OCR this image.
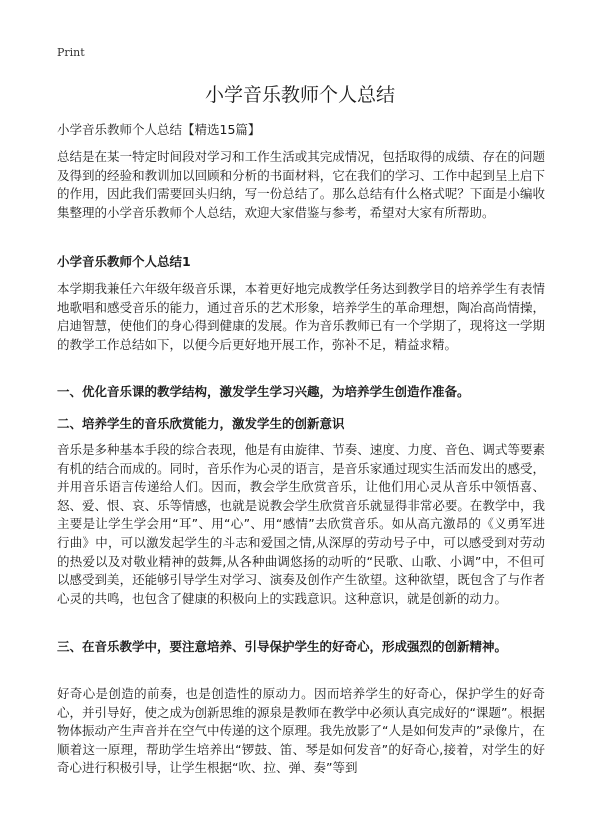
Print
小学音乐教师个人总结
小学音乐教师个人总结【精选15篇】

总结是在某一特定时间段对学习和工作生活或其完成情况，包括取得的成绩、存在的问题及得到的经验和教训加以回顾和分析的书面材料，它在我们的学习、工作中起到呈上启下的作用，因此我们需要回头归纳，写一份总结了。那么总结有什么格式呢？下面是小编收集整理的小学音乐教师个人总结，欢迎大家借鉴与参考，希望对大家有所帮助。

小学音乐教师个人总结1

本学期我兼任六年级年级音乐课，本着更好地完成教学任务达到教学目的培养学生有表情地歌唱和感受音乐的能力，通过音乐的艺术形象，培养学生的革命理想，陶冶高尚情操，启迪智慧，使他们的身心得到健康的发展。作为音乐教师已有一个学期了，现将这一学期的教学工作总结如下，以便今后更好地开展工作，弥补不足，精益求精。

一、优化音乐课的教学结构，激发学生学习兴趣，为培养学生创造作准备。
二、培养学生的音乐欣赏能力，激发学生的创新意识

音乐是多种基本手段的综合表现，他是有由旋律、节奏、速度、力度、音色、调式等要素有机的结合而成的。同时，音乐作为心灵的语言，是音乐家通过现实生活而发出的感受，并用音乐语言传递给人们。因而，教会学生欣赏音乐，让他们用心灵从音乐中领悟喜、怒、爱、恨、哀、乐等情感，也就是说教会学生欣赏音乐就显得非常必要。在教学中，我主要是让学生学会用“耳”、用“心”、用“感情”去欣赏音乐。如从高亢激昂的《义勇军进行曲》中，可以激发起学生的斗志和爱国之情,从深厚的劳动号子中，可以感受到对劳动的热爱以及对敬业精神的鼓舞,从各种曲调悠扬的动听的“民歌、山歌、小调”中，不但可以感受到美，还能够引导学生对学习、演奏及创作产生欲望。这种欲望，既包含了与作者心灵的共鸣，也包含了健康的积极向上的实践意识。这种意识，就是创新的动力。

三、在音乐教学中，要注意培养、引导保护学生的好奇心，形成强烈的创新精神。

好奇心是创造的前奏，也是创造性的原动力。因而培养学生的好奇心，保护学生的好奇心，并引导好，使之成为创新思维的源泉是教师在教学中必须认真完成好的“课题”。根据物体振动产生声音并在空气中传递的这个原理。我先放影了“人是如何发声的”录像片，在顺着这一原理，帮助学生培养出“锣鼓、笛、琴是如何发音”的好奇心,接着，对学生的好奇心进行积极引导，让学生根据“吹、拉、弹、奏”等到
